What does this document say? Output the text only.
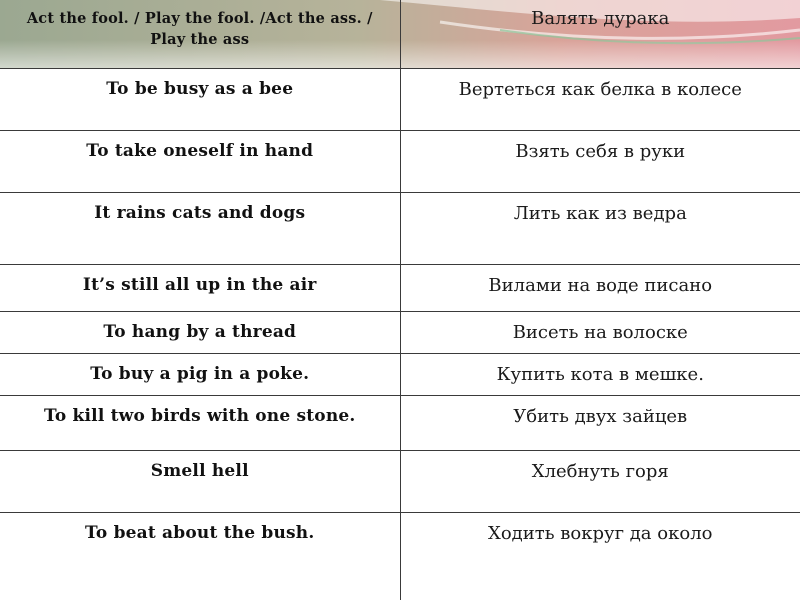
Act the fool. / Play the fool. /Act the ass. / Play the ass	Валять дурака

To be busy as a bee	Вертеться как белка в колесе

To take oneself in hand	Взять себя в руки

It rains cats and dogs	Лить как из ведра

It’s still all up in the air	Вилами на воде писано

To hang by a thread	Висеть на волоске

To buy a pig in a poke.	Купить кота в мешке.

To kill two birds with one stone.	Убить двух зайцев

Smell hell	Хлебнуть горя

To beat about the bush.	Ходить вокруг да около
